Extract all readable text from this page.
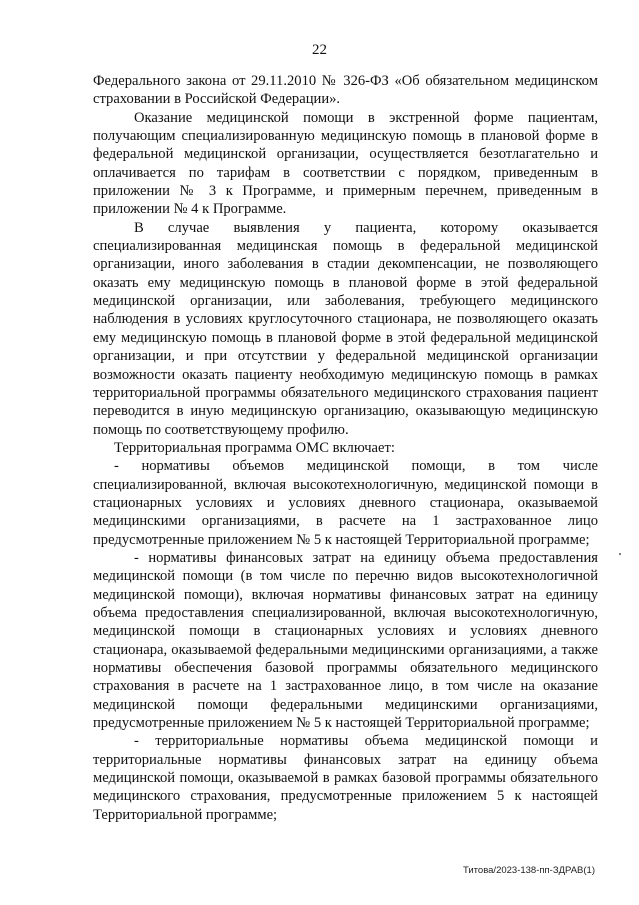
22

Федерального закона от 29.11.2010 № 326-ФЗ «Об обязательном медицинском страховании в Российской Федерации».

Оказание медицинской помощи в экстренной форме пациентам, получающим специализированную медицинскую помощь в плановой форме в федеральной медицинской организации, осуществляется безотлагательно и оплачивается по тарифам в соответствии с порядком, приведенным в приложении № 3 к Программе, и примерным перечнем, приведенным в приложении № 4 к Программе.

В случае выявления у пациента, которому оказывается специализированная медицинская помощь в федеральной медицинской организации, иного заболевания в стадии декомпенсации, не позволяющего оказать ему медицинскую помощь в плановой форме в этой федеральной медицинской организации, или заболевания, требующего медицинского наблюдения в условиях круглосуточного стационара, не позволяющего оказать ему медицинскую помощь в плановой форме в этой федеральной медицинской организации, и при отсутствии у федеральной медицинской организации возможности оказать пациенту необходимую медицинскую помощь в рамках территориальной программы обязательного медицинского страхования пациент переводится в иную медицинскую организацию, оказывающую медицинскую помощь по соответствующему профилю.

Территориальная программа ОМС включает:

- нормативы объемов медицинской помощи, в том числе специализированной, включая высокотехнологичную, медицинской помощи в стационарных условиях и условиях дневного стационара, оказываемой медицинскими организациями, в расчете на 1 застрахованное лицо предусмотренные приложением № 5 к настоящей Территориальной программе;

- нормативы финансовых затрат на единицу объема предоставления медицинской помощи (в том числе по перечню видов высокотехнологичной медицинской помощи), включая нормативы финансовых затрат на единицу объема предоставления специализированной, включая высокотехнологичную, медицинской помощи в стационарных условиях и условиях дневного стационара, оказываемой федеральными медицинскими организациями, а также нормативы обеспечения базовой программы обязательного медицинского страхования в расчете на 1 застрахованное лицо, в том числе на оказание медицинской помощи федеральными медицинскими организациями, предусмотренные приложением № 5 к настоящей Территориальной программе;

- территориальные нормативы объема медицинской помощи и территориальные нормативы финансовых затрат на единицу объема медицинской помощи, оказываемой в рамках базовой программы обязательного медицинского страхования, предусмотренные приложением 5 к настоящей Территориальной программе;

Титова/2023-138-пп-ЗДРАВ(1)
